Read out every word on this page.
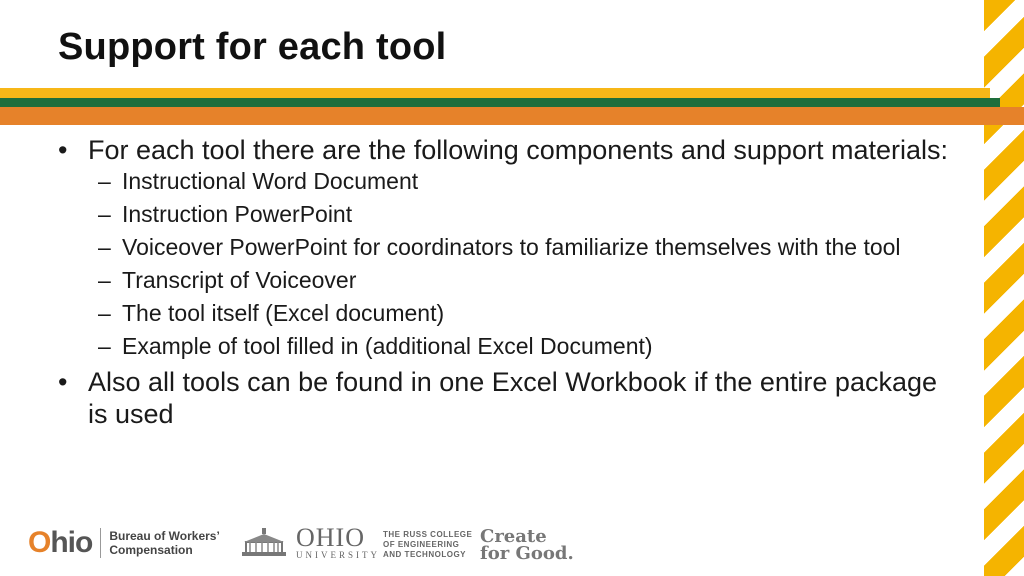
Support for each tool
• For each tool there are the following components and support materials:
– Instructional Word Document
– Instruction PowerPoint
– Voiceover PowerPoint for coordinators to familiarize themselves with the tool
– Transcript of Voiceover
– The tool itself (Excel document)
– Example of tool filled in (additional Excel Document)
• Also all tools can be found in one Excel Workbook if the entire package is used
Ohio Bureau of Workers’
Compensation	OHIO
UNIVERSITY
THE RUSS COLLEGE
OF ENGINEERING
AND TECHNOLOGY
Create
for Good.
